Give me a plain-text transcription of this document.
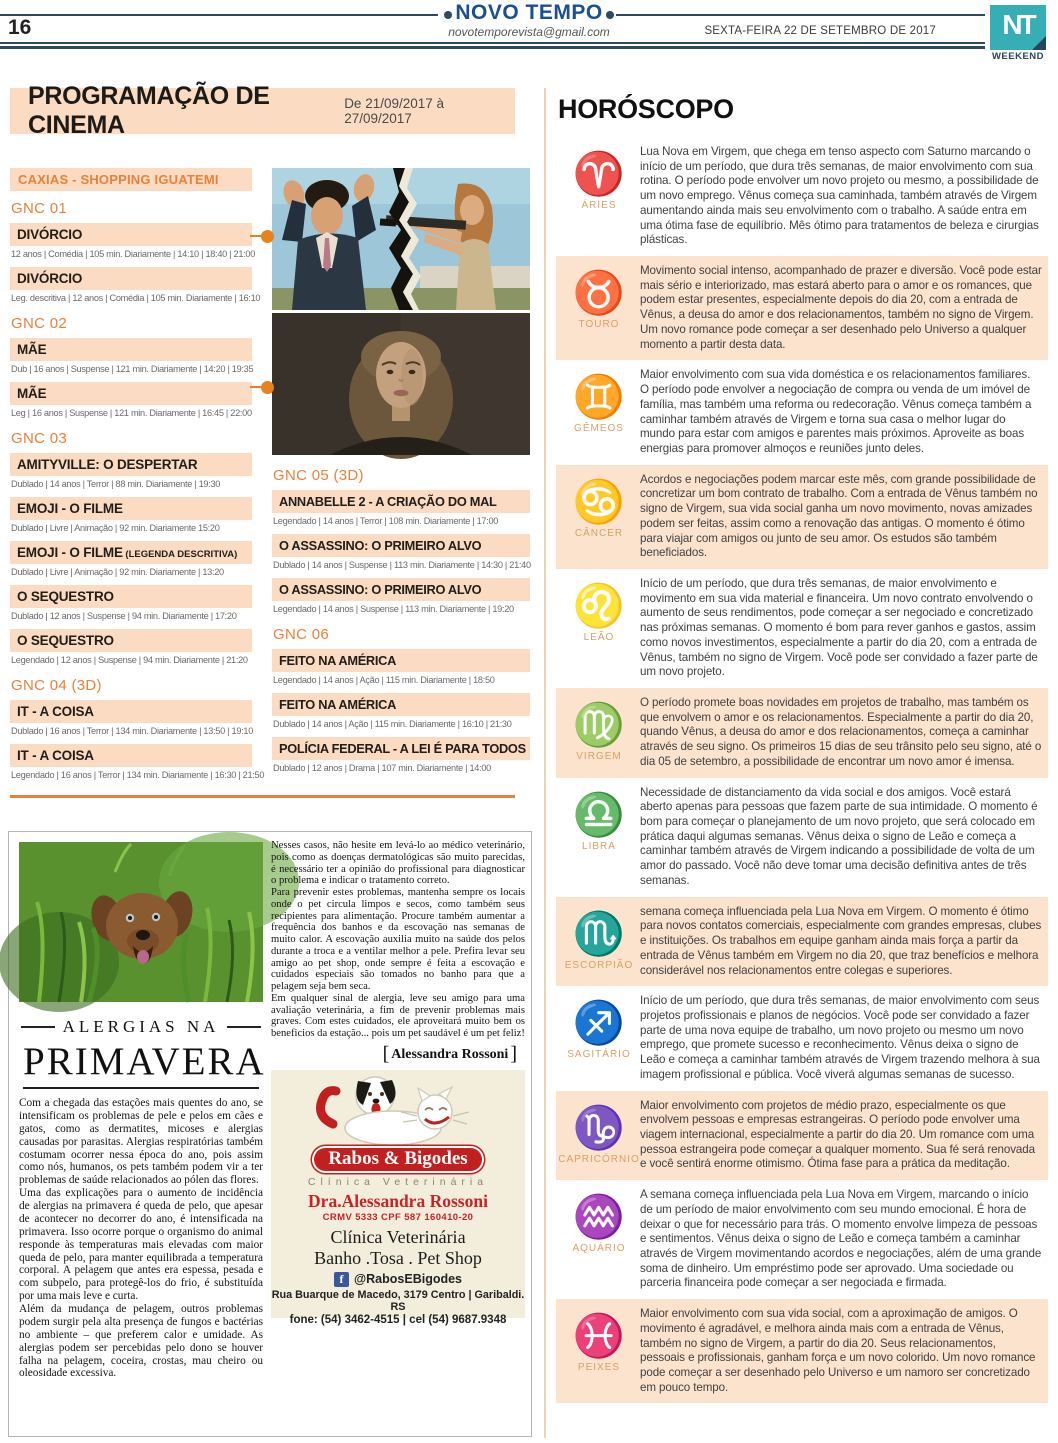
16
NOVO TEMPO
novotemporevista@gmail.com	SEXTA-FEIRA 22 DE SETEMBRO DE 2017	NT
WEEKEND
PROGRAMAÇÃO DE CINEMA
De 21/09/2017 à 27/09/2017
CAXIAS - SHOPPING IGUATEMI
GNC 01
DIVÓRCIO
12 anos | Comédia | 105 min. Diariamente | 14:10 | 18:40 | 21:00
DIVÓRCIO
Leg. descritiva | 12 anos | Comédia | 105 min. Diariamente | 16:10
GNC 02
MÃE
Dub | 16 anos | Suspense | 121 min. Diariamente | 14:20 | 19:35
MÃE
Leg | 16 anos | Suspense | 121 min. Diariamente | 16:45 | 22:00
GNC 03
AMITYVILLE: O DESPERTAR
Dublado | 14 anos | Terror | 88 min. Diariamente | 19:30
EMOJI - O FILME
Dublado | Livre | Animação | 92 min. Diariamente 15:20
EMOJI - O FILME (LEGENDA DESCRITIVA)
Dublado | Livre | Animação | 92 min. Diariamente | 13:20
O SEQUESTRO
Dublado | 12 anos | Suspense | 94 min. Diariamente | 17:20
O SEQUESTRO
Legendado | 12 anos | Suspense | 94 min. Diariamente | 21:20
GNC 04 (3D)
IT - A COISA
Dublado | 16 anos | Terror | 134 min. Diariamente | 13:50 | 19:10
IT - A COISA
Legendado | 16 anos | Terror | 134 min. Diariamente | 16:30 | 21:50
GNC 05 (3D)
ANNABELLE 2 - A CRIAÇÃO DO MAL
Legendado | 14 anos | Terror | 108 min. Diariamente | 17:00
O ASSASSINO: O PRIMEIRO ALVO
Dublado | 14 anos | Suspense | 113 min. Diariamente | 14:30 | 21:40
O ASSASSINO: O PRIMEIRO ALVO
Legendado | 14 anos | Suspense | 113 min. Diariamente | 19:20
GNC 06
FEITO NA AMÉRICA
Legendado | 14 anos | Ação | 115 min. Diariamente | 18:50
FEITO NA AMÉRICA
Dublado | 14 anos | Ação | 115 min. Diariamente | 16:10 | 21:30
POLÍCIA FEDERAL - A LEI É PARA TODOS
Dublado | 12 anos | Drama | 107 min. Diariamente | 14:00
HORÓSCOPO
♈
ÁRIES
Lua Nova em Virgem, que chega em tenso aspecto com Saturno marcando o início de um período, que dura três semanas, de maior envolvimento com sua rotina. O período pode envolver um novo projeto ou mesmo, a possibilidade de um novo emprego. Vênus começa sua caminhada, também através de Virgem aumentando ainda mais seu envolvimento com o trabalho. A saúde entra em uma ótima fase de equilíbrio. Mês ótimo para tratamentos de beleza e cirurgias plásticas.
♉
TOURO
Movimento social intenso, acompanhado de prazer e diversão. Você pode estar mais sério e interiorizado, mas estará aberto para o amor e os romances, que podem estar presentes, especialmente depois do dia 20, com a entrada de Vênus, a deusa do amor e dos relacionamentos, também no signo de Virgem. Um novo romance pode começar a ser desenhado pelo Universo a qualquer momento a partir desta data.
♊
GÊMEOS
Maior envolvimento com sua vida doméstica e os relacionamentos familiares. O período pode envolver a negociação de compra ou venda de um imóvel de família, mas também uma reforma ou redecoração. Vênus começa também a caminhar também através de Virgem e torna sua casa o melhor lugar do mundo para estar com amigos e parentes mais próximos. Aproveite as boas energias para promover almoços e reuniões junto deles.
♋
CÂNCER
Acordos e negociações podem marcar este mês, com grande possibilidade de concretizar um bom contrato de trabalho. Com a entrada de Vênus também no signo de Virgem, sua vida social ganha um novo movimento, novas amizades podem ser feitas, assim como a renovação das antigas. O momento é ótimo para viajar com amigos ou junto de seu amor. Os estudos são também beneficiados.
♌
LEÃO
Início de um período, que dura três semanas, de maior envolvimento e movimento em sua vida material e financeira. Um novo contrato envolvendo o aumento de seus rendimentos, pode começar a ser negociado e concretizado nas próximas semanas. O momento é bom para rever ganhos e gastos, assim como novos investimentos, especialmente a partir do dia 20, com a entrada de Vênus, também no signo de Virgem. Você pode ser convidado a fazer parte de um novo projeto.
♍
VIRGEM
O período promete boas novidades em projetos de trabalho, mas também os que envolvem o amor e os relacionamentos. Especialmente a partir do dia 20, quando Vênus, a deusa do amor e dos relacionamentos, começa a caminhar através de seu signo. Os primeiros 15 dias de seu trânsito pelo seu signo, até o dia 05 de setembro, a possibilidade de encontrar um novo amor é imensa.
♎
LIBRA
Necessidade de distanciamento da vida social e dos amigos. Você estará aberto apenas para pessoas que fazem parte de sua intimidade. O momento é bom para começar o planejamento de um novo projeto, que será colocado em prática daqui algumas semanas. Vênus deixa o signo de Leão e começa a caminhar também através de Virgem indicando a possibilidade de volta de um amor do passado. Você não deve tomar uma decisão definitiva antes de três semanas.
♏
ESCORPIÃO
semana começa influenciada pela Lua Nova em Virgem. O momento é ótimo para novos contatos comerciais, especialmente com grandes empresas, clubes e instituições. Os trabalhos em equipe ganham ainda mais força a partir da entrada de Vênus também em Virgem no dia 20, que traz benefícios e melhora considerável nos relacionamentos entre colegas e superiores.
♐
SAGITÁRIO
Início de um período, que dura três semanas, de maior envolvimento com seus projetos profissionais e planos de negócios. Você pode ser convidado a fazer parte de uma nova equipe de trabalho, um novo projeto ou mesmo um novo emprego, que promete sucesso e reconhecimento. Vênus deixa o signo de Leão e começa a caminhar também através de Virgem trazendo melhora à sua imagem profissional e pública. Você viverá algumas semanas de sucesso.
♑
CAPRICÓRNIO
Maior envolvimento com projetos de médio prazo, especialmente os que envolvem pessoas e empresas estrangeiras. O período pode envolver uma viagem internacional, especialmente a partir do dia 20. Um romance com uma pessoa estrangeira pode começar a qualquer momento. Sua fé será renovada e você sentirá enorme otimismo. Ótima fase para a prática da meditação.
♒
AQUÁRIO
A semana começa influenciada pela Lua Nova em Virgem, marcando o início de um período de maior envolvimento com seu mundo emocional. É hora de deixar o que for necessário para trás. O momento envolve limpeza de pessoas e sentimentos. Vênus deixa o signo de Leão e começa também a caminhar através de Virgem movimentando acordos e negociações, além de uma grande soma de dinheiro. Um empréstimo pode ser aprovado. Uma sociedade ou parceria financeira pode começar a ser negociada e firmada.
♓
PEIXES
Maior envolvimento com sua vida social, com a aproximação de amigos. O movimento é agradável, e melhora ainda mais com a entrada de Vênus, também no signo de Virgem, a partir do dia 20. Seus relacionamentos, pessoais e profissionais, ganham força e um novo colorido. Um novo romance pode começar a ser desenhado pelo Universo e um namoro ser concretizado em pouco tempo.
ALERGIAS NA
PRIMAVERA

Com a chegada das estações mais quentes do ano, se intensificam os problemas de pele e pelos em cães e gatos, como as dermatites, micoses e alergias causadas por parasitas. Alergias respiratórias também costumam ocorrer nessa época do ano, pois assim como nós, humanos, os pets também podem vir a ter problemas de saúde relacionados ao pólen das flores.

Uma das explicações para o aumento de incidência de alergias na primavera é queda de pelo, que apesar de acontecer no decorrer do ano, é intensificada na primavera. Isso ocorre porque o organismo do animal responde às temperaturas mais elevadas com maior queda de pelo, para manter equilibrada a temperatura corporal. A pelagem que antes era espessa, pesada e com subpelo, para protegê-los do frio, é substituída por uma mais leve e curta.

Além da mudança de pelagem, outros problemas podem surgir pela alta presença de fungos e bactérias no ambiente – que preferem calor e umidade. As alergias podem ser percebidas pelo dono se houver falha na pelagem, coceira, crostas, mau cheiro ou oleosidade excessiva.

Nesses casos, não hesite em levá-lo ao médico veterinário, pois como as doenças dermatológicas são muito parecidas, é necessário ter a opinião do profissional para diagnosticar o problema e indicar o tratamento correto.

Para prevenir estes problemas, mantenha sempre os locais onde o pet circula limpos e secos, como também seus recipientes para alimentação. Procure também aumentar a frequência dos banhos e da escovação nas semanas de muito calor. A escovação auxilia muito na saúde dos pelos durante a troca e a ventilar melhor a pele. Prefira levar seu amigo ao pet shop, onde sempre é feita a escovação e cuidados especiais são tomados no banho para que a pelagem seja bem seca.

Em qualquer sinal de alergia, leve seu amigo para uma avaliação veterinária, a fim de prevenir problemas mais graves. Com estes cuidados, ele aproveitará muito bem os beneficios da estação... pois um pet saudável é um pet feliz!

[ Alessandra Rossoni ]
Rabos & Bigodes
Clínica Veterinária
Dra.Alessandra Rossoni
CRMV 5333 CPF 587 160410-20
Clínica Veterinária
Banho .Tosa . Pet Shop
f
@RabosEBigodes
Rua Buarque de Macedo, 3179 Centro | Garibaldi. RS
fone: (54) 3462-4515 | cel (54) 9687.9348
